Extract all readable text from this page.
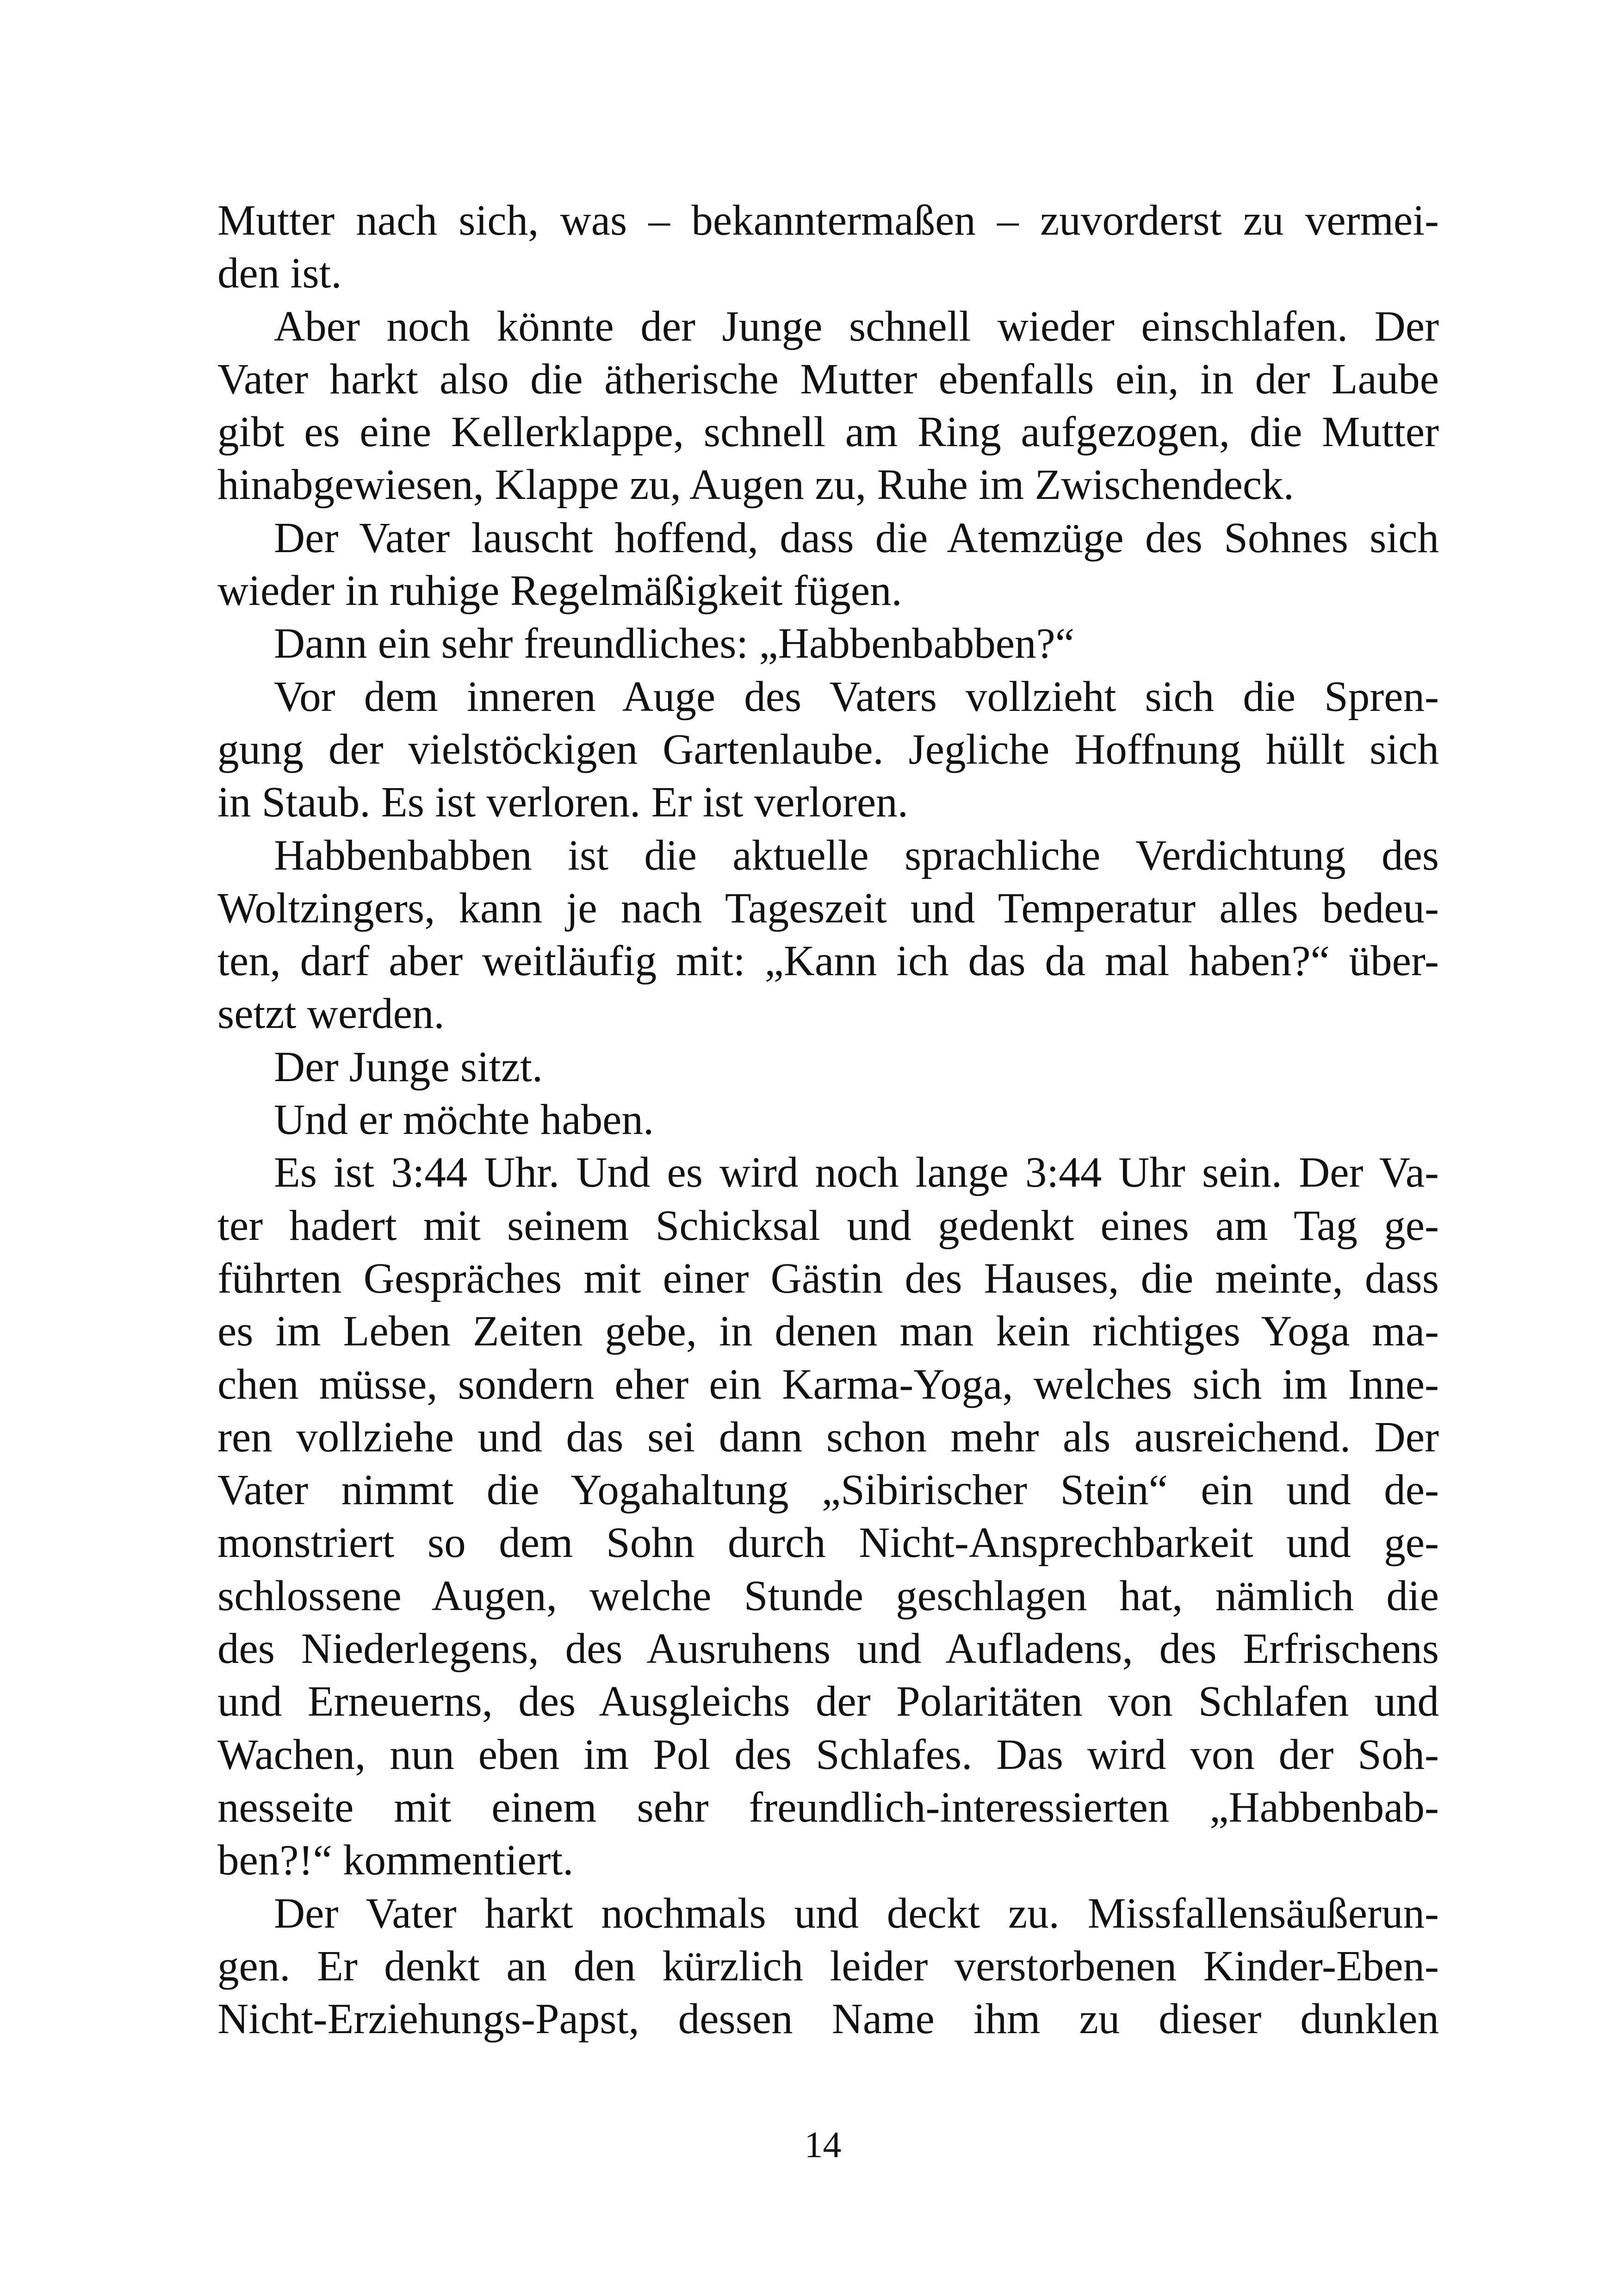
Mutter nach sich, was – bekanntermaßen – zuvorderst zu vermei-
den ist.
Aber noch könnte der Junge schnell wieder einschlafen. Der
Vater harkt also die ätherische Mutter ebenfalls ein, in der Laube
gibt es eine Kellerklappe, schnell am Ring aufgezogen, die Mutter
hinabgewiesen, Klappe zu, Augen zu, Ruhe im Zwischendeck.
Der Vater lauscht hoffend, dass die Atemzüge des Sohnes sich
wieder in ruhige Regelmäßigkeit fügen.
Dann ein sehr freundliches: „Habbenbabben?“
Vor dem inneren Auge des Vaters vollzieht sich die Spren-
gung der vielstöckigen Gartenlaube. Jegliche Hoffnung hüllt sich
in Staub. Es ist verloren. Er ist verloren.
Habbenbabben ist die aktuelle sprachliche Verdichtung des
Woltzingers, kann je nach Tageszeit und Temperatur alles bedeu-
ten, darf aber weitläufig mit: „Kann ich das da mal haben?“ über-
setzt werden.
Der Junge sitzt.
Und er möchte haben.
Es ist 3:44 Uhr. Und es wird noch lange 3:44 Uhr sein. Der Va-
ter hadert mit seinem Schicksal und gedenkt eines am Tag ge-
führten Gespräches mit einer Gästin des Hauses, die meinte, dass
es im Leben Zeiten gebe, in denen man kein richtiges Yoga ma-
chen müsse, sondern eher ein Karma-Yoga, welches sich im Inne-
ren vollziehe und das sei dann schon mehr als ausreichend. Der
Vater nimmt die Yogahaltung „Sibirischer Stein“ ein und de-
monstriert so dem Sohn durch Nicht-Ansprechbarkeit und ge-
schlossene Augen, welche Stunde geschlagen hat, nämlich die
des Niederlegens, des Ausruhens und Aufladens, des Erfrischens
und Erneuerns, des Ausgleichs der Polaritäten von Schlafen und
Wachen, nun eben im Pol des Schlafes. Das wird von der Soh-
nesseite mit einem sehr freundlich-interessierten „Habbenbab-
ben?!“ kommentiert.
Der Vater harkt nochmals und deckt zu. Missfallensäußerun-
gen. Er denkt an den kürzlich leider verstorbenen Kinder-Eben-
Nicht-Erziehungs-Papst, dessen Name ihm zu dieser dunklen
14
